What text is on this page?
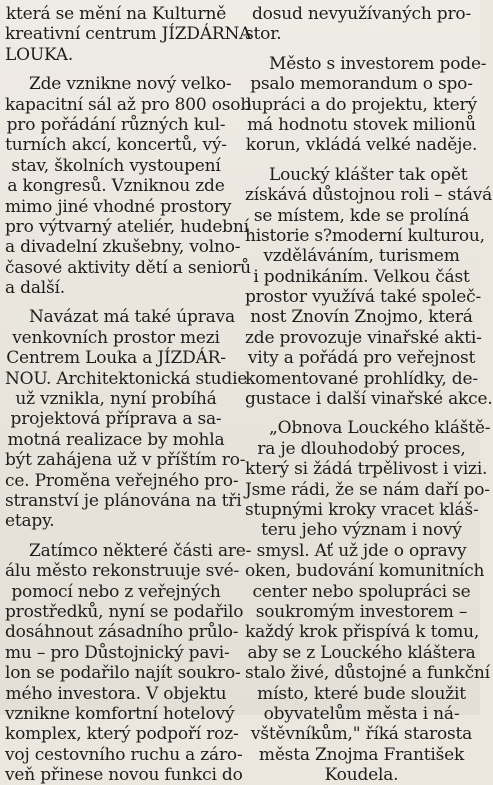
která se mění na Kulturně
kreativní centrum JÍZDÁRNA
LOUKA.
Zde vznikne nový velko-
kapacitní sál až pro 800 osob
pro pořádání různých kul-
turních akcí, koncertů, vý-
stav, školních vystoupení
a kongresů. Vzniknou zde
mimo jiné vhodné prostory
pro výtvarný ateliér, hudební
a divadelní zkušebny, volno-
časové aktivity dětí a seniorů
a další.
Navázat má také úprava
venkovních prostor mezi
Centrem Louka a JÍZDÁR-
NOU. Architektonická studie
už vznikla, nyní probíhá
projektová příprava a sa-
motná realizace by mohla
být zahájena už v příštím ro-
ce. Proměna veřejného pro-
stranství je plánována na tři
etapy.
Zatímco některé části are-
álu město rekonstruuje své-
pomocí nebo z veřejných
prostředků, nyní se podařilo
dosáhnout zásadního průlo-
mu – pro Důstojnický pavi-
lon se podařilo najít soukro-
mého investora. V objektu
vznikne komfortní hotelový
komplex, který podpoří roz-
voj cestovního ruchu a záro-
veň přinese novou funkci do
dosud nevyužívaných pro-
stor.
Město s investorem pode-
psalo memorandum o spo-
lupráci a do projektu, který
má hodnotu stovek milionů
korun, vkládá velké naděje.
Loucký klášter tak opět
získává důstojnou roli – stává
se místem, kde se prolíná
historie s?moderní kulturou,
vzděláváním, turismem
i podnikáním. Velkou část
prostor využívá také společ-
nost Znovín Znojmo, která
zde provozuje vinařské akti-
vity a pořádá pro veřejnost
komentované prohlídky, de-
gustace i další vinařské akce.
„Obnova Louckého kláště-
ra je dlouhodobý proces,
který si žádá trpělivost i vizi.
Jsme rádi, že se nám daří po-
stupnými kroky vracet kláš-
teru jeho význam i nový
smysl. Ať už jde o opravy
oken, budování komunitních
center nebo spolupráci se
soukromým investorem –
každý krok přispívá k tomu,
aby se z Louckého kláštera
stalo živé, důstojné a funkční
místo, které bude sloužit
obyvatelům města i ná-
vštěvníkům," říká starosta
města Znojma František
Koudela.
